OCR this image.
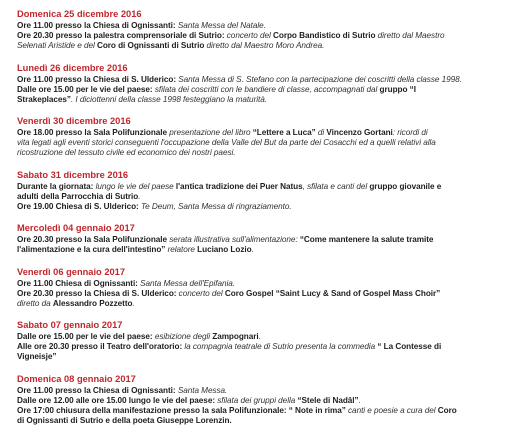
Domenica 25 dicembre 2016
Ore 11.00 presso la Chiesa di Ognissanti: Santa Messa del Natale.
Ore 20.30 presso la palestra comprensoriale di Sutrio: concerto del Corpo Bandistico di Sutrio diretto dal Maestro
Selenati Aristide e del Coro di Ognissanti di Sutrio diretto dal Maestro Moro Andrea.
Lunedì 26 dicembre 2016
Ore 11.00 presso la Chiesa di S. Ulderico: Santa Messa di S. Stefano con la partecipazione dei coscritti della classe 1998.
Dalle ore 15.00 per le vie del paese: sfilata dei coscritti con le bandiere di classe, accompagnati dal gruppo “I
Strakeplaces”. I diciottenni della classe 1998 festeggiano la maturità.
Venerdì 30 dicembre 2016
Ore 18.00 presso la Sala Polifunzionale presentazione del libro “Lettere a Luca” di Vincenzo Gortani: ricordi di
vita legati agli eventi storici conseguenti l'occupazione della Valle del But da parte dei Cosacchi ed a quelli relativi alla
ricostruzione del tessuto civile ed economico dei nostri paesi.
Sabato 31 dicembre 2016
Durante la giornata: lungo le vie del paese l'antica tradizione dei Puer Natus, sfilata e canti del gruppo giovanile e
adulti della Parrocchia di Sutrio.
Ore 19.00 Chiesa di S. Ulderico: Te Deum, Santa Messa di ringraziamento.
Mercoledì 04 gennaio 2017
Ore 20.30 presso la Sala Polifunzionale serata illustrativa sull'alimentazione: “Come mantenere la salute tramite
l'alimentazione e la cura dell'intestino” relatore Luciano Lozio.
Venerdì 06 gennaio 2017
Ore 11.00 Chiesa di Ognissanti: Santa Messa dell'Epifania.
Ore 20.30 presso la Chiesa di S. Ulderico: concerto del Coro Gospel “Saint Lucy & Sand of Gospel Mass Choir”
diretto da Alessandro Pozzetto.
Sabato 07 gennaio 2017
Dalle ore 15.00 per le vie del paese: esibizione degli Zampognari.
Alle ore 20.30 presso il Teatro dell'oratorio: la compagnia teatrale di Sutrio presenta la commedia “ La Contesse di
Vigneisje”
Domenica 08 gennaio 2017
Ore 11.00 presso la Chiesa di Ognissanti: Santa Messa.
Dalle ore 12.00 alle ore 15.00 lungo le vie del paese: sfilata dei gruppi della “Stele di Nadâl”.
Ore 17:00 chiusura della manifestazione presso la sala Polifunzionale: “ Note in rima” canti e poesie a cura del Coro
di Ognissanti di Sutrio e della poeta Giuseppe Lorenzin.
